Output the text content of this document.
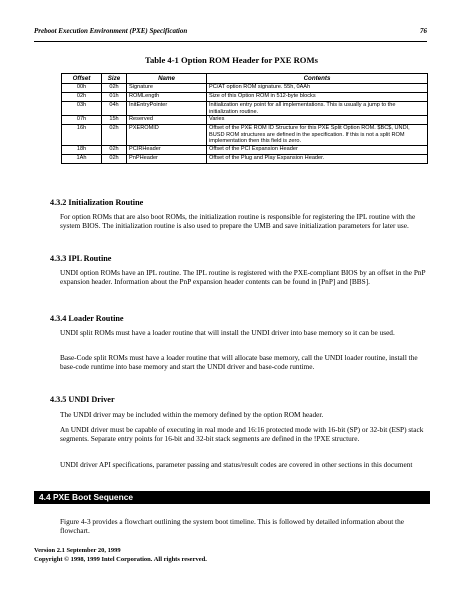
Preboot Execution Environment (PXE) Specification	76
Table 4-1 Option ROM Header for PXE ROMs
Offset	Size	Name	Contents
00h	02h	Signature	PC/AT option ROM signature. 55h, 0AAh
02h	01h	ROMLength	Size of this Option ROM in 512-byte blocks
03h	04h	InitEntryPointer	Initialization entry point for all implementations. This is usually a jump to the initialization routine.
07h	15h	Reserved	Varies
16h	02h	PXEROMID	Offset of the PXE ROM ID Structure for this PXE Split Option ROM. $BC$, UNDI, BUSD ROM structures are defined in the specification. If this is not a split ROM implementation then this field is zero.
18h	02h	PCIRHeader	Offset of the PCI Expansion Header
1Ah	02h	PnPHeader	Offset of the Plug and Play Expansion Header.
4.3.2 Initialization Routine
For option ROMs that are also boot ROMs, the initialization routine is responsible for registering the IPL routine with the system BIOS. The initialization routine is also used to prepare the UMB and save initialization parameters for later use.
4.3.3 IPL Routine
UNDI option ROMs have an IPL routine. The IPL routine is registered with the PXE-compliant BIOS by an offset in the PnP expansion header. Information about the PnP expansion header contents can be found in [PnP] and [BBS].
4.3.4 Loader Routine
UNDI split ROMs must have a loader routine that will install the UNDI driver into base memory so it can be used.
Base-Code split ROMs must have a loader routine that will allocate base memory, call the UNDI loader routine, install the base-code runtime into base memory and start the UNDI driver and base-code runtime.
4.3.5 UNDI Driver
The UNDI driver may be included within the memory defined by the option ROM header.
An UNDI driver must be capable of executing in real mode and 16:16 protected mode with 16-bit (SP) or 32-bit (ESP) stack segments. Separate entry points for 16-bit and 32-bit stack segments are defined in the !PXE structure.
UNDI driver API specifications, parameter passing and status/result codes are covered in other sections in this document
4.4 PXE Boot Sequence
Figure 4-3 provides a flowchart outlining the system boot timeline. This is followed by detailed information about the flowchart.
Version 2.1 September 20, 1999
Copyright © 1998, 1999 Intel Corporation. All rights reserved.
